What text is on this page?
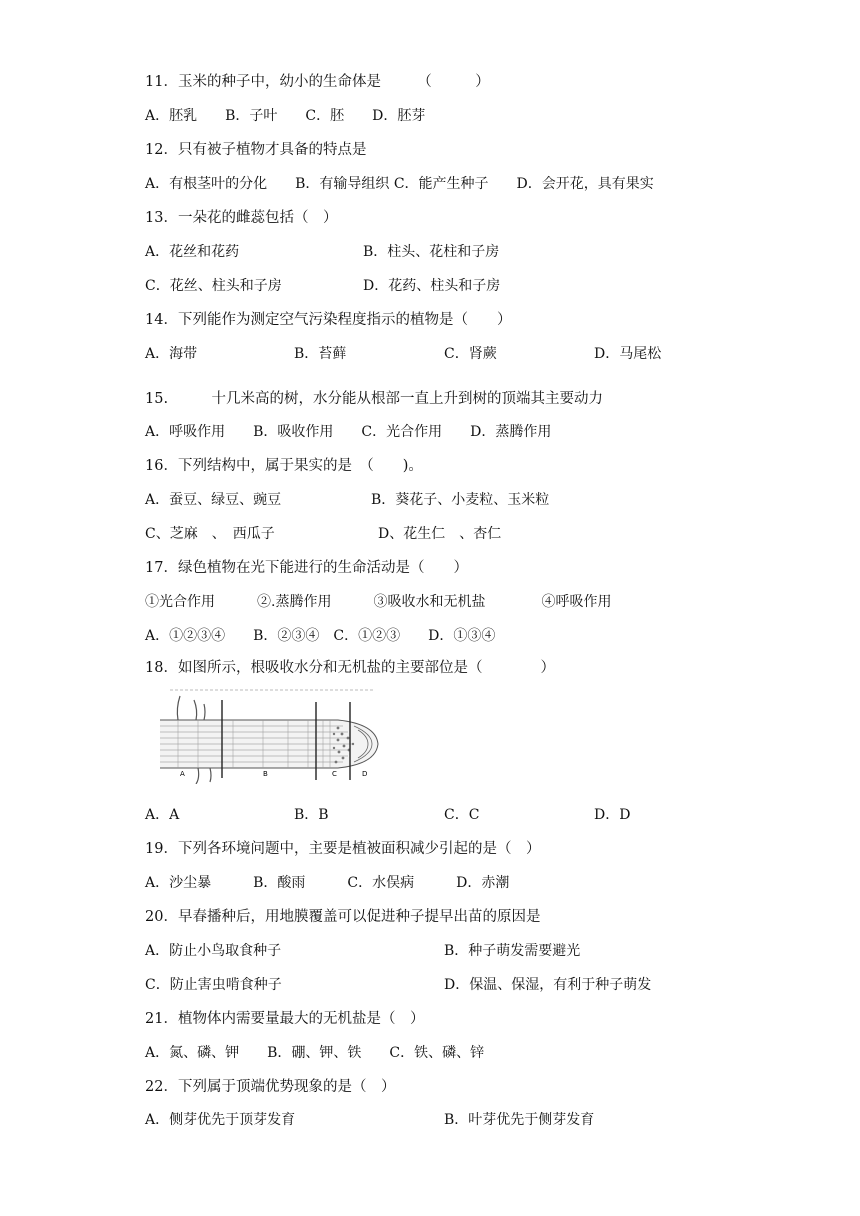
11．玉米的种子中，幼小的生命体是　　　（　　　）
A．胚乳　　B．子叶　　C．胚　　D．胚芽
12．只有被子植物才具备的特点是
A．有根茎叶的分化　　B．有输导组织 C．能产生种子　　D．会开花，具有果实
13．一朵花的雌蕊包括（　）
A．花丝和花药	B．柱头、花柱和子房
C．花丝、柱头和子房	D．花药、柱头和子房
14．下列能作为测定空气污染程度指示的植物是（　　）
A．海带	B．苔藓	C．肾蕨	D．马尾松
15.　　　十几米高的树，水分能从根部一直上升到树的顶端其主要动力
A．呼吸作用　　B．吸收作用　　C．光合作用　　D．蒸腾作用
16．下列结构中，属于果实的是　（　　)。
A．蚕豆、绿豆、豌豆	B．葵花子、小麦粒、玉米粒
C、芝麻　、　西瓜子	D、花生仁　、杏仁
17．绿色植物在光下能进行的生命活动是（　　）
①光合作用　　　②.蒸腾作用　　　③吸收水和无机盐　　　　④呼吸作用
A．①②③④　　B．②③④　C．①②③　　D．①③④
18．如图所示，根吸收水分和无机盐的主要部位是（　　　　）
A	B	C	D
A．A	B．B	C．C	D．D
19．下列各环境问题中，主要是植被面积减少引起的是（　）
A．沙尘暴　　　B．酸雨　　　C．水俣病　　　D．赤潮
20．早春播种后，用地膜覆盖可以促进种子提早出苗的原因是
A．防止小鸟取食种子	B．种子萌发需要避光
C．防止害虫啃食种子	D．保温、保湿，有利于种子萌发
21．植物体内需要量最大的无机盐是（　）
A．氮、磷、钾　　B．硼、钾、铁　　C．铁、磷、锌
22．下列属于顶端优势现象的是（　）
A．侧芽优先于顶芽发育	B．叶芽优先于侧芽发育
